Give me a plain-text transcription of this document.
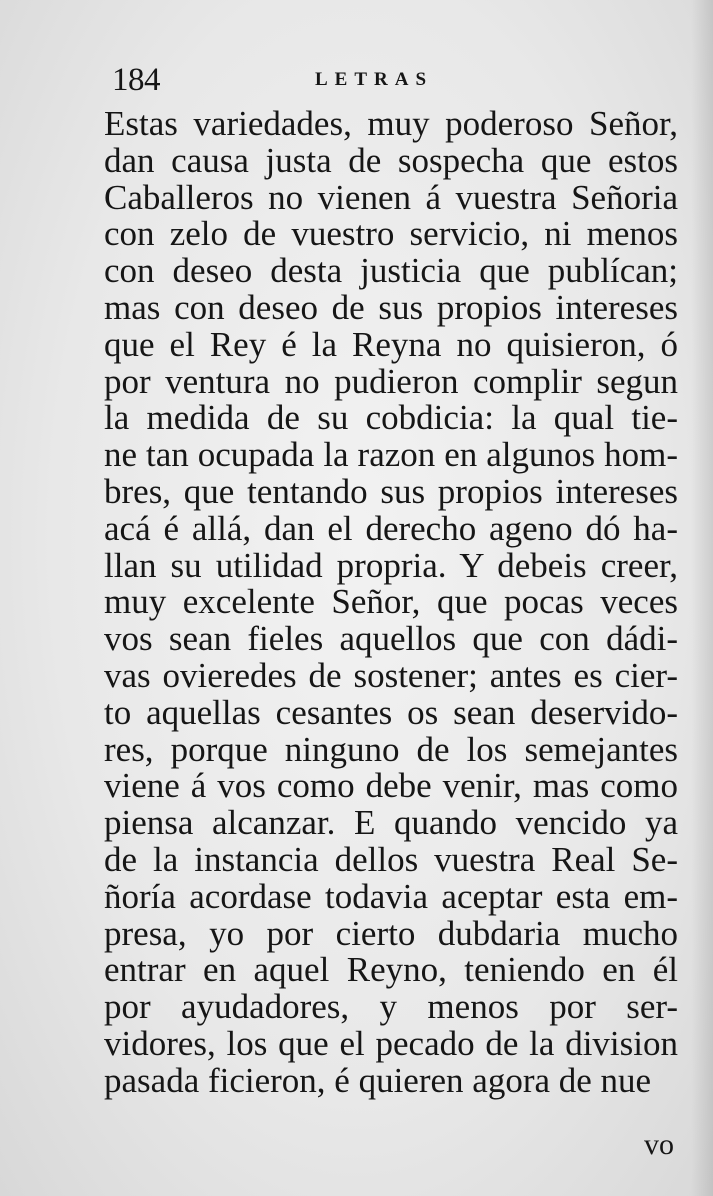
184	LETRAS
Estas variedades, muy poderoso Señor,
dan causa justa de sospecha que estos
Caballeros no vienen á vuestra Señoria
con zelo de vuestro servicio, ni menos
con deseo desta justicia que publícan;
mas con deseo de sus propios intereses
que el Rey é la Reyna no quisieron, ó
por ventura no pudieron complir segun
la medida de su cobdicia: la qual tie-
ne tan ocupada la razon en algunos hom-
bres, que tentando sus propios intereses
acá é allá, dan el derecho ageno dó ha-
llan su utilidad propria. Y debeis creer,
muy excelente Señor, que pocas veces
vos sean fieles aquellos que con dádi-
vas ovieredes de sostener; antes es cier-
to aquellas cesantes os sean deservido-
res, porque ninguno de los semejantes
viene á vos como debe venir, mas como
piensa alcanzar. E quando vencido ya
de la instancia dellos vuestra Real Se-
ñoría acordase todavia aceptar esta em-
presa, yo por cierto dubdaria mucho
entrar en aquel Reyno, teniendo en él
por ayudadores, y menos por ser-
vidores, los que el pecado de la division
pasada ficieron, é quieren agora de nue
vo
